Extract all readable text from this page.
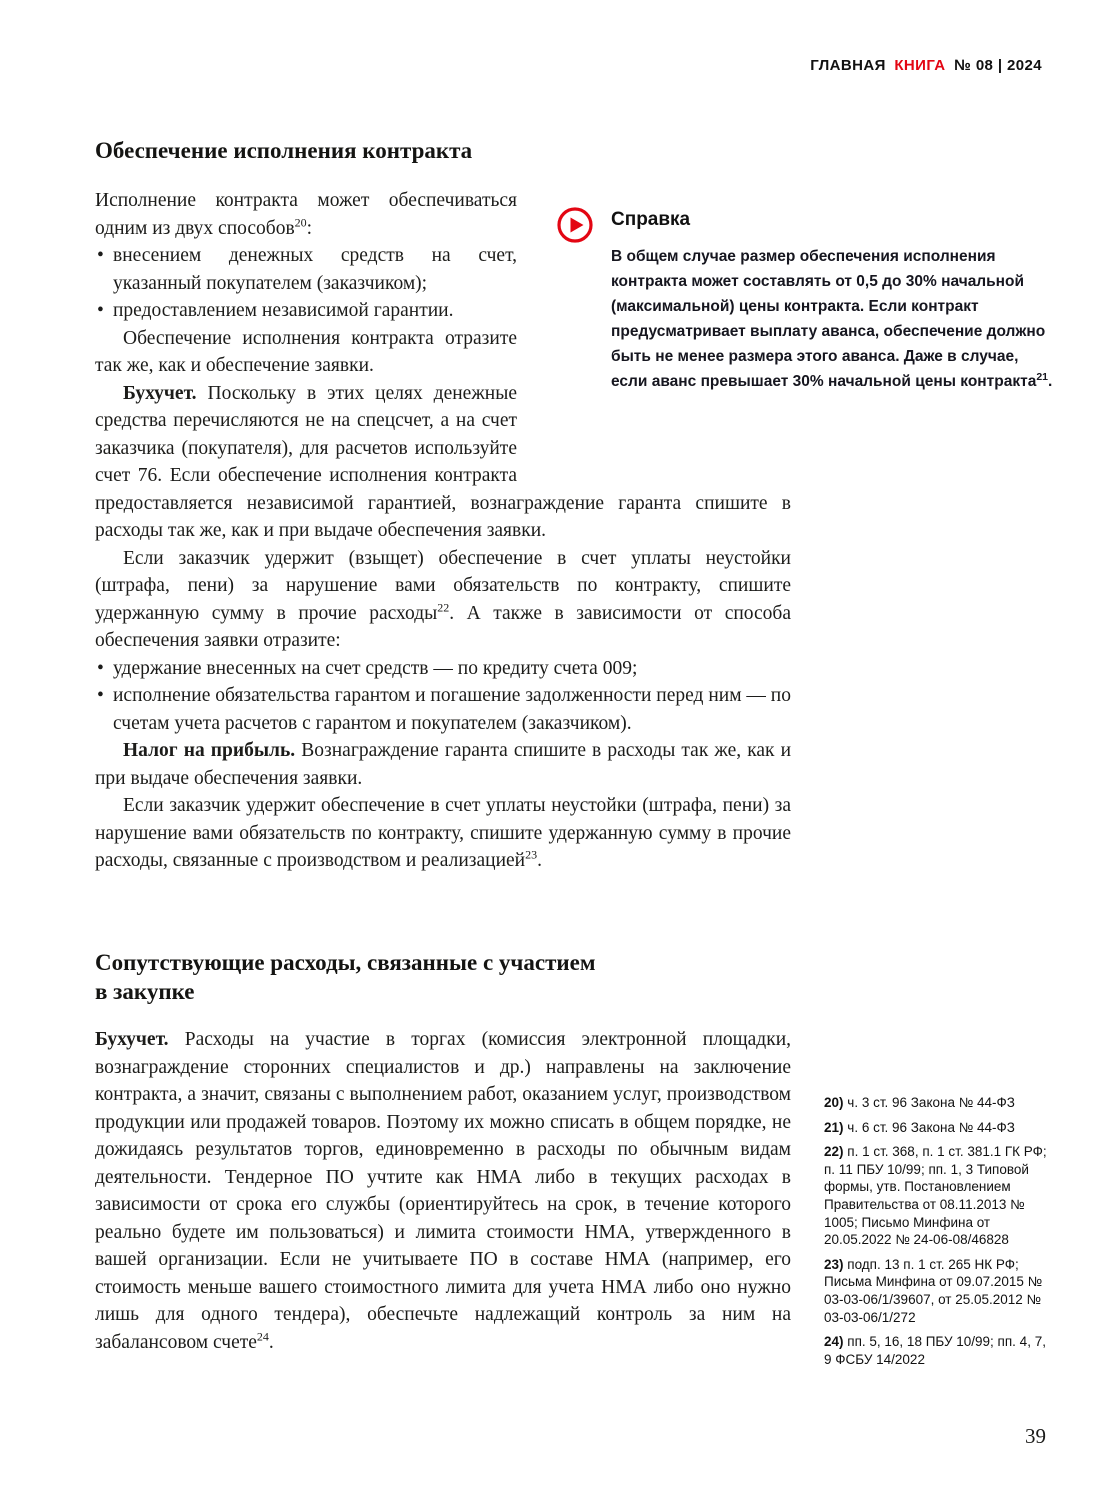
ГЛАВНАЯ КНИГА № 08 | 2024
Справка
В общем случае размер обеспечения исполнения контракта может составлять от 0,5 до 30% начальной (максимальной) цены контракта. Если контракт предусматривает выплату аванса, обеспечение должно быть не менее размера этого аванса. Даже в случае, если аванс превышает 30% начальной цены контракта$^{21}$.
Обеспечение исполнения контракта

Исполнение контракта может обеспечиваться одним из двух способов$^{20}$:

• внесением денежных средств на счет, указанный покупателем (заказчиком);
• предоставлением независимой гарантии.

Обеспечение исполнения контракта отразите так же, как и обеспечение заявки.

Бухучет. Поскольку в этих целях денежные средства перечисляются не на спецсчет, а на счет заказчика (покупателя), для расчетов используйте счет 76. Если обеспечение исполнения контракта предоставляется независимой гарантией, вознаграждение гаранта спишите в расходы так же, как и при выдаче обеспечения заявки.

Если заказчик удержит (взыщет) обеспечение в счет уплаты неустойки (штрафа, пени) за нарушение вами обязательств по контракту, спишите удержанную сумму в прочие расходы$^{22}$. А также в зависимости от способа обеспечения заявки отразите:

• удержание внесенных на счет средств — по кредиту счета 009;
• исполнение обязательства гарантом и погашение задолженности перед ним — по счетам учета расчетов с гарантом и покупателем (заказчиком).

Налог на прибыль. Вознаграждение гаранта спишите в расходы так же, как и при выдаче обеспечения заявки.

Если заказчик удержит обеспечение в счет уплаты неустойки (штрафа, пени) за нарушение вами обязательств по контракту, спишите удержанную сумму в прочие расходы, связанные с производством и реализацией$^{23}$.

Сопутствующие расходы, связанные с участием
в закупке

Бухучет. Расходы на участие в торгах (комиссия электронной площадки, вознаграждение сторонних специалистов и др.) направлены на заключение контракта, а значит, связаны с выполнением работ, оказанием услуг, производством продукции или продажей товаров. Поэтому их можно списать в общем порядке, не дожидаясь результатов торгов, единовременно в расходы по обычным видам деятельности. Тендерное ПО учтите как НМА либо в текущих расходах в зависимости от срока его службы (ориентируйтесь на срок, в течение которого реально будете им пользоваться) и лимита стоимости НМА, утвержденного в вашей организации. Если не учитываете ПО в составе НМА (например, его стоимость меньше вашего стоимостного лимита для учета НМА либо оно нужно лишь для одного тендера), обеспечьте надлежащий контроль за ним на забалансовом счете$^{24}$.

20) ч. 3 ст. 96 Закона № 44-ФЗ
21) ч. 6 ст. 96 Закона № 44-ФЗ
22) п. 1 ст. 368, п. 1 ст. 381.1 ГК РФ; п. 11 ПБУ 10/99; пп. 1, 3 Типовой формы, утв. Постановлением Правительства от 08.11.2013 № 1005; Письмо Минфина от 20.05.2022 № 24-06-08/46828
23) подп. 13 п. 1 ст. 265 НК РФ; Письма Минфина от 09.07.2015 № 03-03-06/1/39607, от 25.05.2012 № 03-03-06/1/272
24) пп. 5, 16, 18 ПБУ 10/99; пп. 4, 7, 9 ФСБУ 14/2022
39
